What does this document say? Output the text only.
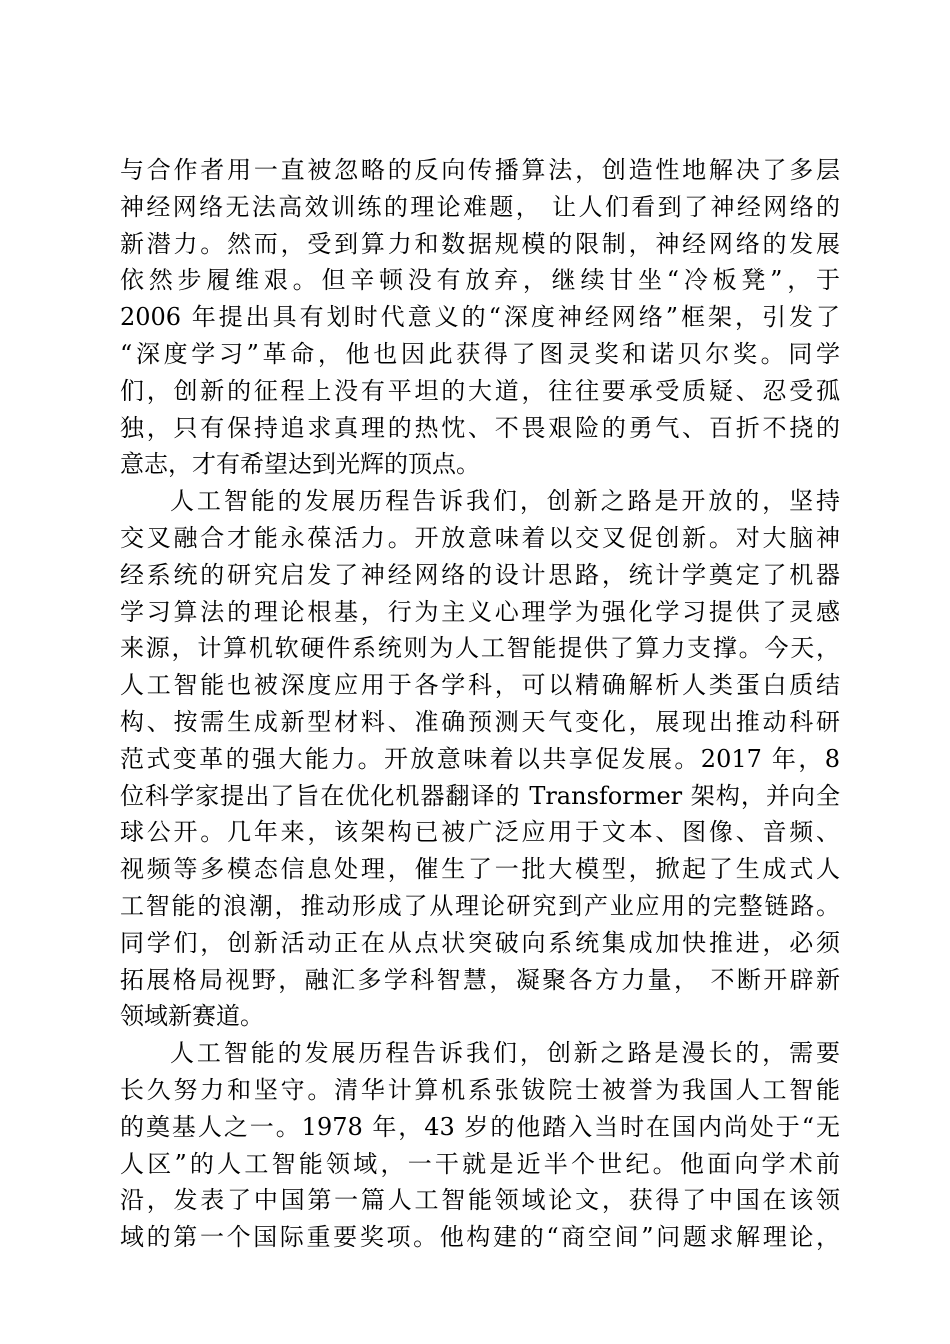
与合作者用一直被忽略的反向传播算法，创造性地解决了多层
神经网络无法高效训练的理论难题， 让人们看到了神经网络的
新潜力。然而，受到算力和数据规模的限制，神经网络的发展
依然步履维艰。但辛顿没有放弃，继续甘坐“冷板凳”，于
2006 年提出具有划时代意义的“深度神经网络”框架，引发了
“深度学习”革命，他也因此获得了图灵奖和诺贝尔奖。同学
们，创新的征程上没有平坦的大道，往往要承受质疑、忍受孤
独，只有保持追求真理的热忱、不畏艰险的勇气、百折不挠的
意志，才有希望达到光辉的顶点。
人工智能的发展历程告诉我们，创新之路是开放的，坚持
交叉融合才能永葆活力。开放意味着以交叉促创新。对大脑神
经系统的研究启发了神经网络的设计思路，统计学奠定了机器
学习算法的理论根基，行为主义心理学为强化学习提供了灵感
来源，计算机软硬件系统则为人工智能提供了算力支撑。今天，
人工智能也被深度应用于各学科，可以精确解析人类蛋白质结
构、按需生成新型材料、准确预测天气变化，展现出推动科研
范式变革的强大能力。开放意味着以共享促发展。2017 年，8
位科学家提出了旨在优化机器翻译的 Transformer 架构，并向全
球公开。几年来，该架构已被广泛应用于文本、图像、音频、
视频等多模态信息处理，催生了一批大模型，掀起了生成式人
工智能的浪潮，推动形成了从理论研究到产业应用的完整链路。
同学们，创新活动正在从点状突破向系统集成加快推进，必须
拓展格局视野，融汇多学科智慧，凝聚各方力量， 不断开辟新
领域新赛道。
人工智能的发展历程告诉我们，创新之路是漫长的，需要
长久努力和坚守。清华计算机系张钹院士被誉为我国人工智能
的奠基人之一。1978 年，43 岁的他踏入当时在国内尚处于“无
人区”的人工智能领域，一干就是近半个世纪。他面向学术前
沿，发表了中国第一篇人工智能领域论文，获得了中国在该领
域的第一个国际重要奖项。他构建的“商空间”问题求解理论，
